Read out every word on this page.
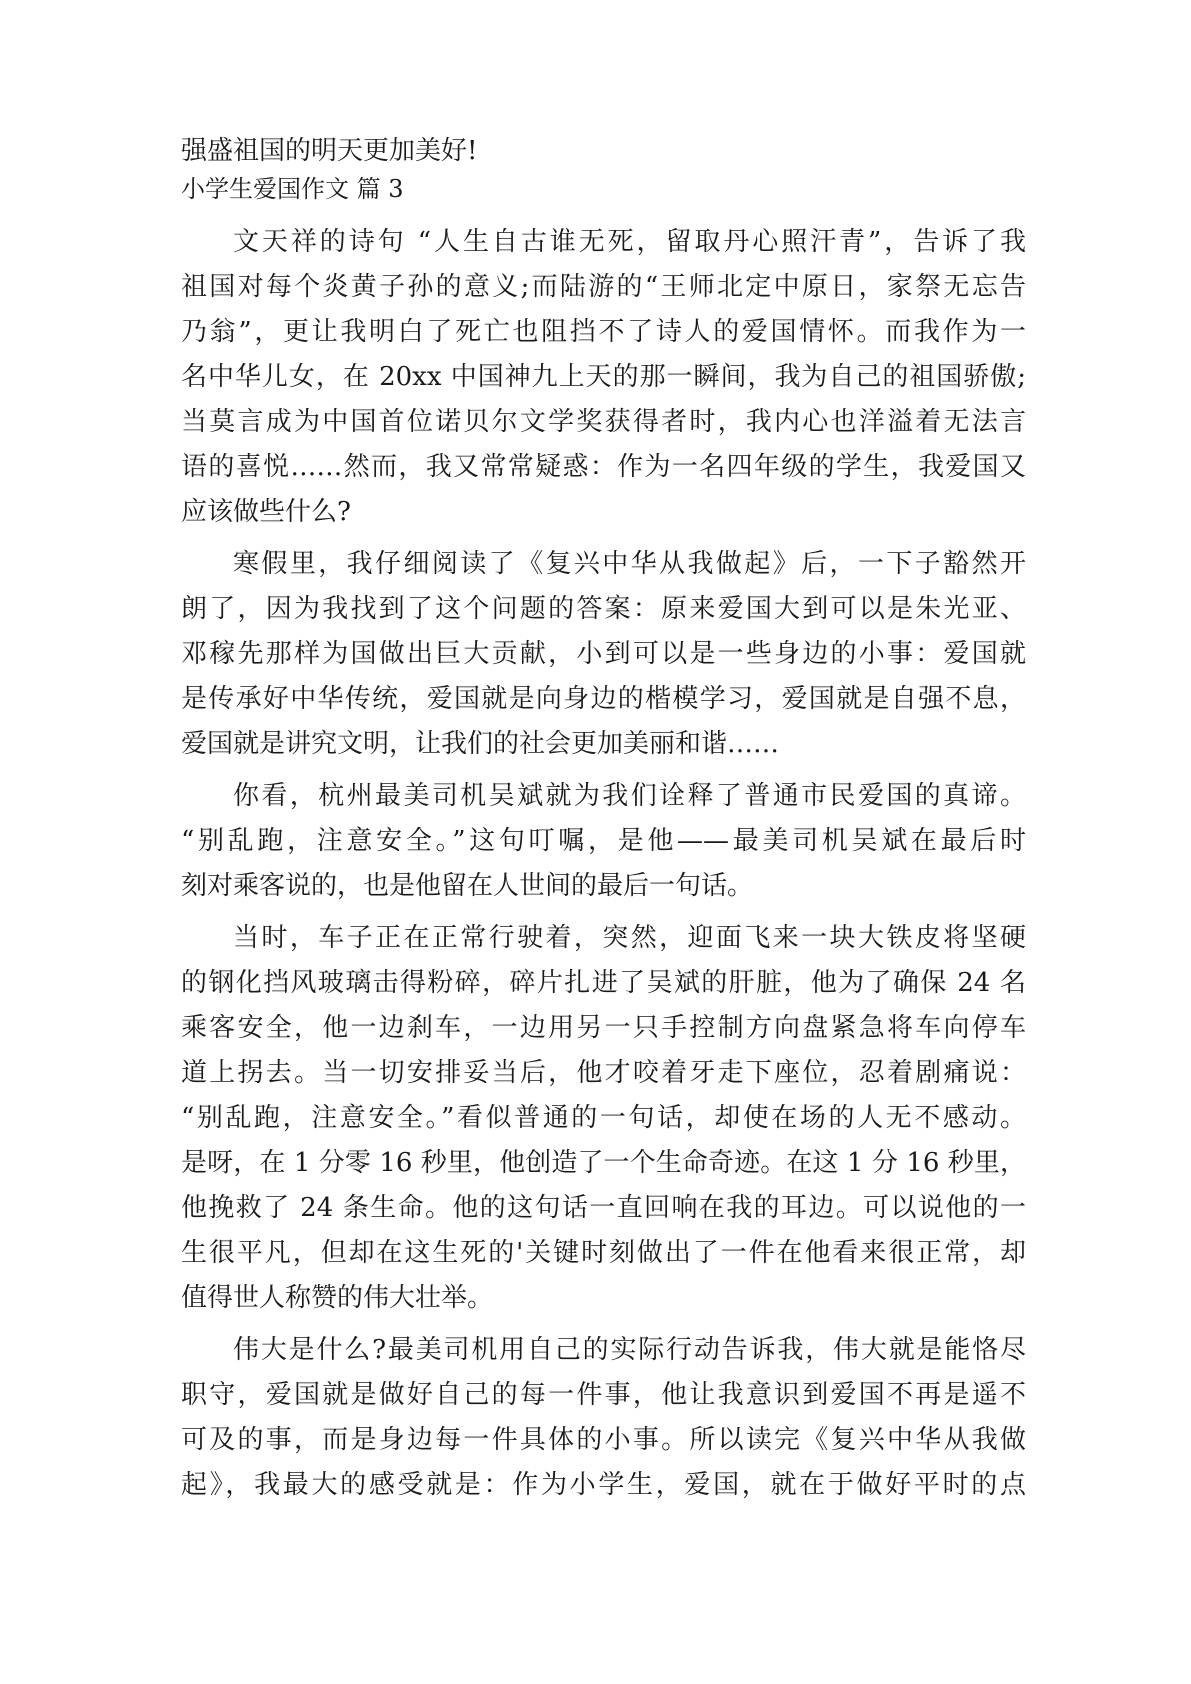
强盛祖国的明天更加美好!

小学生爱国作文 篇 3

文天祥的诗句 “人生自古谁无死，留取丹心照汗青”，告诉了我
祖国对每个炎黄子孙的意义;而陆游的“王师北定中原日，家祭无忘告
乃翁”，更让我明白了死亡也阻挡不了诗人的爱国情怀。而我作为一
名中华儿女，在 20xx 中国神九上天的那一瞬间，我为自己的祖国骄傲;
当莫言成为中国首位诺贝尔文学奖获得者时，我内心也洋溢着无法言
语的喜悦……然而，我又常常疑惑：作为一名四年级的学生，我爱国又
应该做些什么?
寒假里，我仔细阅读了《复兴中华从我做起》后，一下子豁然开
朗了，因为我找到了这个问题的答案：原来爱国大到可以是朱光亚、
邓稼先那样为国做出巨大贡献，小到可以是一些身边的小事：爱国就
是传承好中华传统，爱国就是向身边的楷模学习，爱国就是自强不息，
爱国就是讲究文明，让我们的社会更加美丽和谐……
你看，杭州最美司机吴斌就为我们诠释了普通市民爱国的真谛。
“别乱跑，注意安全。”这句叮嘱，是他——最美司机吴斌在最后时
刻对乘客说的，也是他留在人世间的最后一句话。
当时，车子正在正常行驶着，突然，迎面飞来一块大铁皮将坚硬
的钢化挡风玻璃击得粉碎，碎片扎进了吴斌的肝脏，他为了确保 24 名
乘客安全，他一边刹车，一边用另一只手控制方向盘紧急将车向停车
道上拐去。当一切安排妥当后，他才咬着牙走下座位，忍着剧痛说：
“别乱跑，注意安全。”看似普通的一句话，却使在场的人无不感动。
是呀，在 1 分零 16 秒里，他创造了一个生命奇迹。在这 1 分 16 秒里，
他挽救了 24 条生命。他的这句话一直回响在我的耳边。可以说他的一
生很平凡，但却在这生死的'关键时刻做出了一件在他看来很正常，却
值得世人称赞的伟大壮举。
伟大是什么?最美司机用自己的实际行动告诉我，伟大就是能恪尽
职守，爱国就是做好自己的每一件事，他让我意识到爱国不再是遥不
可及的事，而是身边每一件具体的小事。所以读完《复兴中华从我做
起》，我最大的感受就是：作为小学生，爱国，就在于做好平时的点
